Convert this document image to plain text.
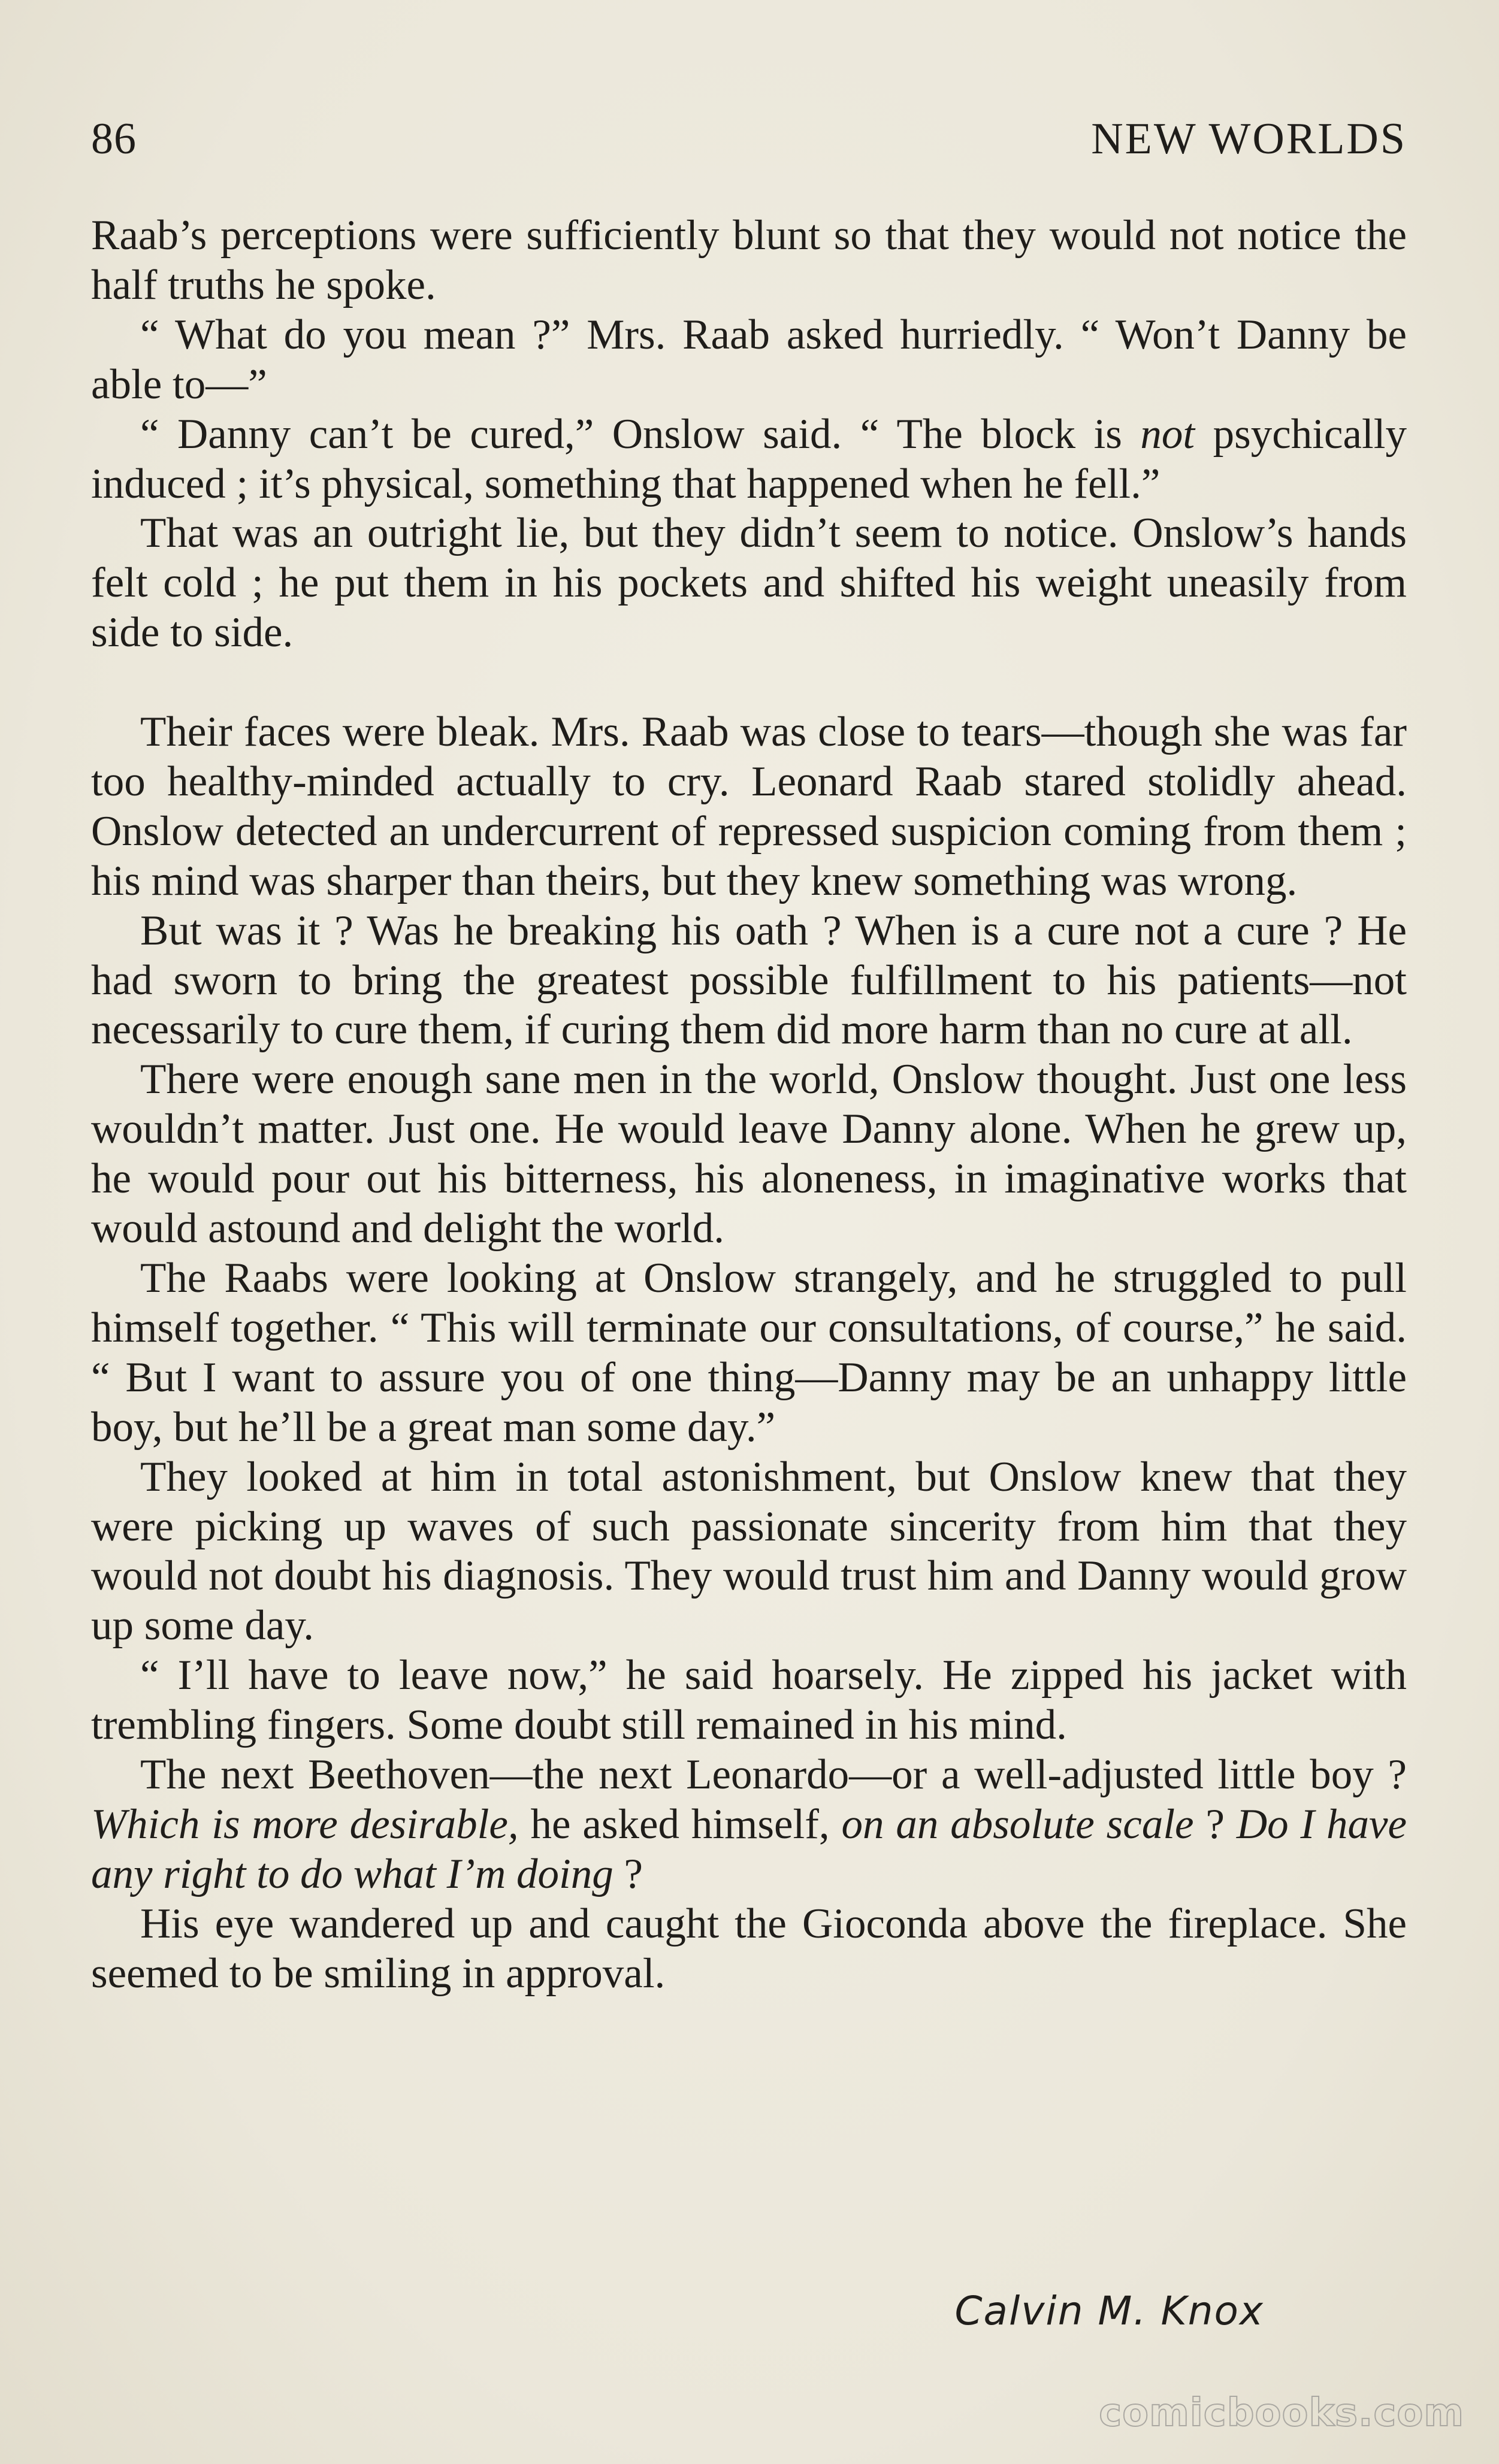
86	NEW WORLDS

Raab’s perceptions were sufficiently blunt so that they would not notice the half truths he spoke.

“ What do you mean ?” Mrs. Raab asked hurriedly. “ Won’t Danny be able to—”

“ Danny can’t be cured,” Onslow said. “ The block is not psychically induced ; it’s physical, something that happened when he fell.”

That was an outright lie, but they didn’t seem to notice. Onslow’s hands felt cold ; he put them in his pockets and shifted his weight uneasily from side to side.

Their faces were bleak. Mrs. Raab was close to tears—though she was far too healthy-minded actually to cry. Leonard Raab stared stolidly ahead. Onslow detected an undercurrent of repressed suspicion coming from them ; his mind was sharper than theirs, but they knew something was wrong.

But was it ? Was he breaking his oath ? When is a cure not a cure ? He had sworn to bring the greatest possible fulfillment to his patients—not necessarily to cure them, if curing them did more harm than no cure at all.

There were enough sane men in the world, Onslow thought. Just one less wouldn’t matter. Just one. He would leave Danny alone. When he grew up, he would pour out his bitterness, his aloneness, in imaginative works that would astound and delight the world.

The Raabs were looking at Onslow strangely, and he struggled to pull himself together. “ This will terminate our consultations, of course,” he said. “ But I want to assure you of one thing—Danny may be an unhappy little boy, but he’ll be a great man some day.”

They looked at him in total astonishment, but Onslow knew that they were picking up waves of such passionate sincerity from him that they would not doubt his diagnosis. They would trust him and Danny would grow up some day.

“ I’ll have to leave now,” he said hoarsely. He zipped his jacket with trembling fingers. Some doubt still remained in his mind.

The next Beethoven—the next Leonardo—or a well-adjusted little boy ? Which is more desirable, he asked himself, on an absolute scale ? Do I have any right to do what I’m doing ?

His eye wandered up and caught the Gioconda above the fireplace. She seemed to be smiling in approval.

Calvin M. Knox
comicbooks.com
